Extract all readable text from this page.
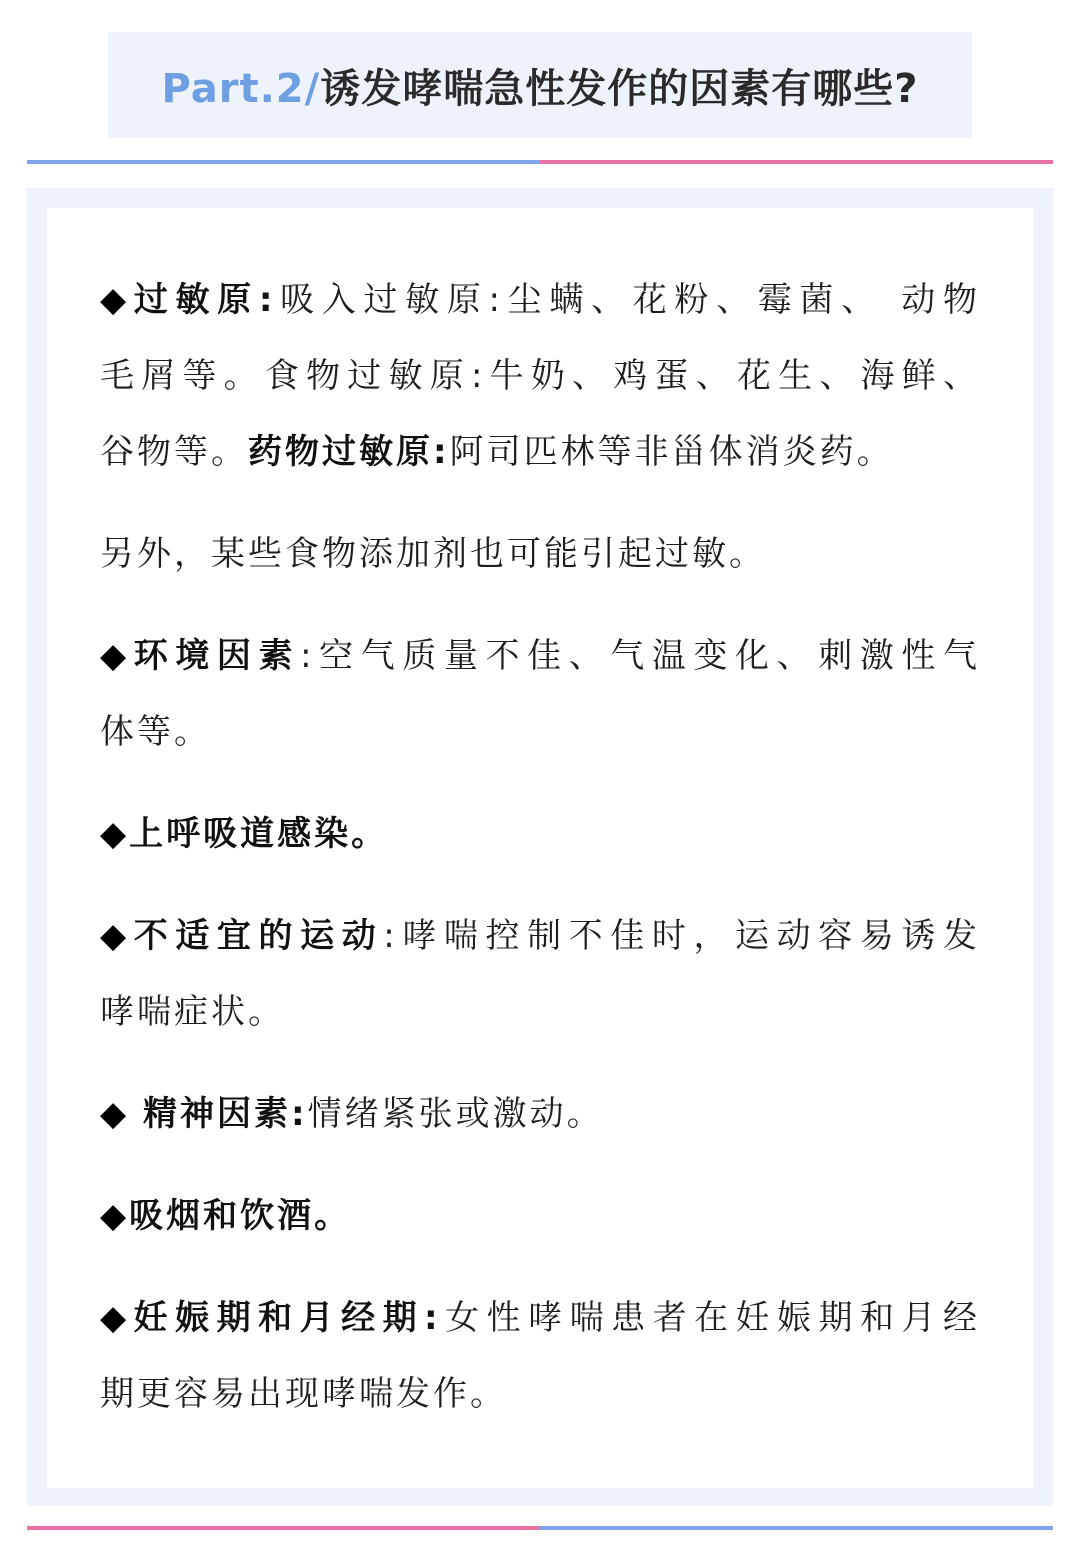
Part.2/诱发哮喘急性发作的因素有哪些?
◆过敏原:吸入过敏原:尘螨、花粉、霉菌、 动物
毛屑等。食物过敏原:牛奶、鸡蛋、花生、海鲜、
谷物等。药物过敏原:阿司匹林等非甾体消炎药。
另外，某些食物添加剂也可能引起过敏。
◆环境因素:空气质量不佳、气温变化、刺激性气
体等。
◆上呼吸道感染。
◆不适宜的运动:哮喘控制不佳时，运动容易诱发
哮喘症状。
◆ 精神因素:情绪紧张或激动。
◆吸烟和饮酒。
◆妊娠期和月经期:女性哮喘患者在妊娠期和月经
期更容易出现哮喘发作。
